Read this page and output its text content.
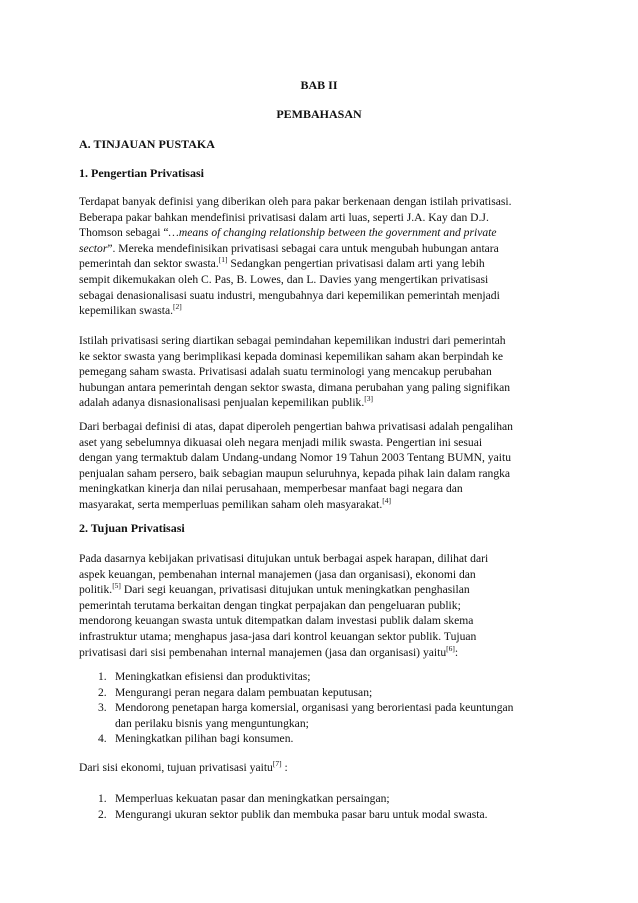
BAB II
PEMBAHASAN
A. TINJAUAN PUSTAKA
1. Pengertian Privatisasi
Terdapat banyak definisi yang diberikan oleh para pakar berkenaan dengan istilah privatisasi.
Beberapa pakar bahkan mendefinisi privatisasi dalam arti luas, seperti J.A. Kay dan D.J.
Thomson sebagai “…means of changing relationship between the government and private
sector”. Mereka mendefinisikan privatisasi sebagai cara untuk mengubah hubungan antara
pemerintah dan sektor swasta.[1] Sedangkan pengertian privatisasi dalam arti yang lebih
sempit dikemukakan oleh C. Pas, B. Lowes, dan L. Davies yang mengertikan privatisasi
sebagai denasionalisasi suatu industri, mengubahnya dari kepemilikan pemerintah menjadi
kepemilikan swasta.[2]
Istilah privatisasi sering diartikan sebagai pemindahan kepemilikan industri dari pemerintah
ke sektor swasta yang berimplikasi kepada dominasi kepemilikan saham akan berpindah ke
pemegang saham swasta. Privatisasi adalah suatu terminologi yang mencakup perubahan
hubungan antara pemerintah dengan sektor swasta, dimana perubahan yang paling signifikan
adalah adanya disnasionalisasi penjualan kepemilikan publik.[3]
Dari berbagai definisi di atas, dapat diperoleh pengertian bahwa privatisasi adalah pengalihan
aset yang sebelumnya dikuasai oleh negara menjadi milik swasta. Pengertian ini sesuai
dengan yang termaktub dalam Undang-undang Nomor 19 Tahun 2003 Tentang BUMN, yaitu
penjualan saham persero, baik sebagian maupun seluruhnya, kepada pihak lain dalam rangka
meningkatkan kinerja dan nilai perusahaan, memperbesar manfaat bagi negara dan
masyarakat, serta memperluas pemilikan saham oleh masyarakat.[4]
2. Tujuan Privatisasi
Pada dasarnya kebijakan privatisasi ditujukan untuk berbagai aspek harapan, dilihat dari
aspek keuangan, pembenahan internal manajemen (jasa dan organisasi), ekonomi dan
politik.[5] Dari segi keuangan, privatisasi ditujukan untuk meningkatkan penghasilan
pemerintah terutama berkaitan dengan tingkat perpajakan dan pengeluaran publik;
mendorong keuangan swasta untuk ditempatkan dalam investasi publik dalam skema
infrastruktur utama; menghapus jasa-jasa dari kontrol keuangan sektor publik. Tujuan
privatisasi dari sisi pembenahan internal manajemen (jasa dan organisasi) yaitu[6]:
1. Meningkatkan efisiensi dan produktivitas;
2. Mengurangi peran negara dalam pembuatan keputusan;
3. Mendorong penetapan harga komersial, organisasi yang berorientasi pada keuntungan
dan perilaku bisnis yang menguntungkan;
4. Meningkatkan pilihan bagi konsumen.
Dari sisi ekonomi, tujuan privatisasi yaitu[7] :
1. Memperluas kekuatan pasar dan meningkatkan persaingan;
2. Mengurangi ukuran sektor publik dan membuka pasar baru untuk modal swasta.
